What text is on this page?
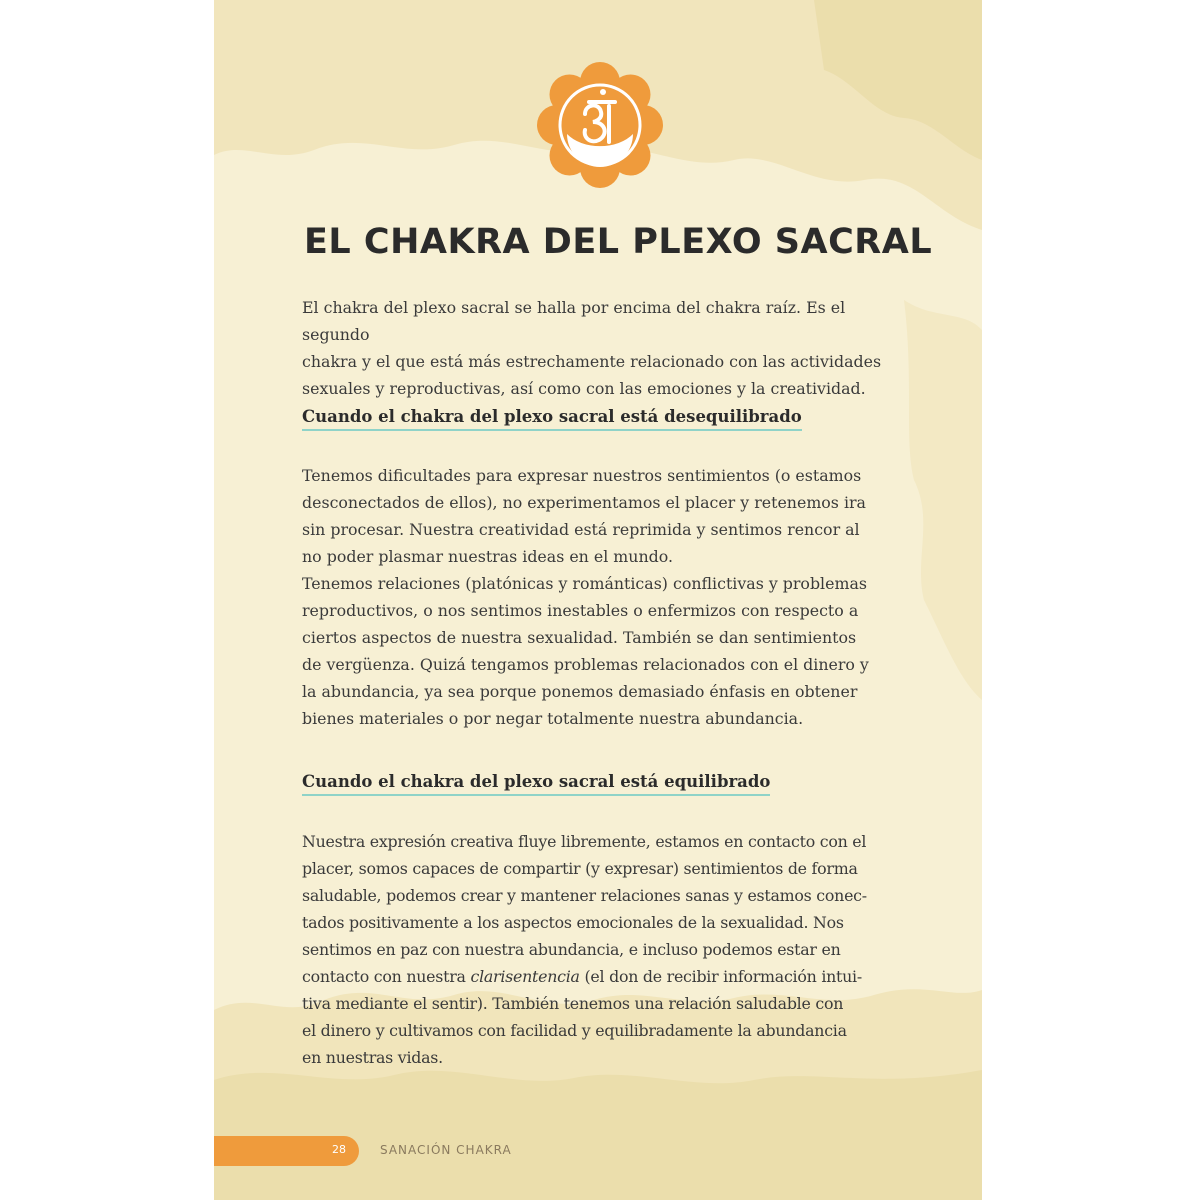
EL CHAKRA DEL PLEXO SACRAL

El chakra del plexo sacral se halla por encima del chakra raíz. Es el segundo
chakra y el que está más estrechamente relacionado con las actividades
sexuales y reproductivas, así como con las emociones y la creatividad.

Cuando el chakra del plexo sacral está desequilibrado

Tenemos dificultades para expresar nuestros sentimientos (o estamos
desconectados de ellos), no experimentamos el placer y retenemos ira
sin procesar. Nuestra creatividad está reprimida y sentimos rencor al
no poder plasmar nuestras ideas en el mundo.
Tenemos relaciones (platónicas y románticas) conflictivas y problemas
reproductivos, o nos sentimos inestables o enfermizos con respecto a
ciertos aspectos de nuestra sexualidad. También se dan sentimientos
de vergüenza. Quizá tengamos problemas relacionados con el dinero y
la abundancia, ya sea porque ponemos demasiado énfasis en obtener
bienes materiales o por negar totalmente nuestra abundancia.

Cuando el chakra del plexo sacral está equilibrado

Nuestra expresión creativa fluye libremente, estamos en contacto con el
placer, somos capaces de compartir (y expresar) sentimientos de forma
saludable, podemos crear y mantener relaciones sanas y estamos conec-
tados positivamente a los aspectos emocionales de la sexualidad. Nos
sentimos en paz con nuestra abundancia, e incluso podemos estar en
contacto con nuestra clarisentencia (el don de recibir información intui-
tiva mediante el sentir). También tenemos una relación saludable con
el dinero y cultivamos con facilidad y equilibradamente la abundancia
en nuestras vidas.

28	SANACIÓN CHAKRA
